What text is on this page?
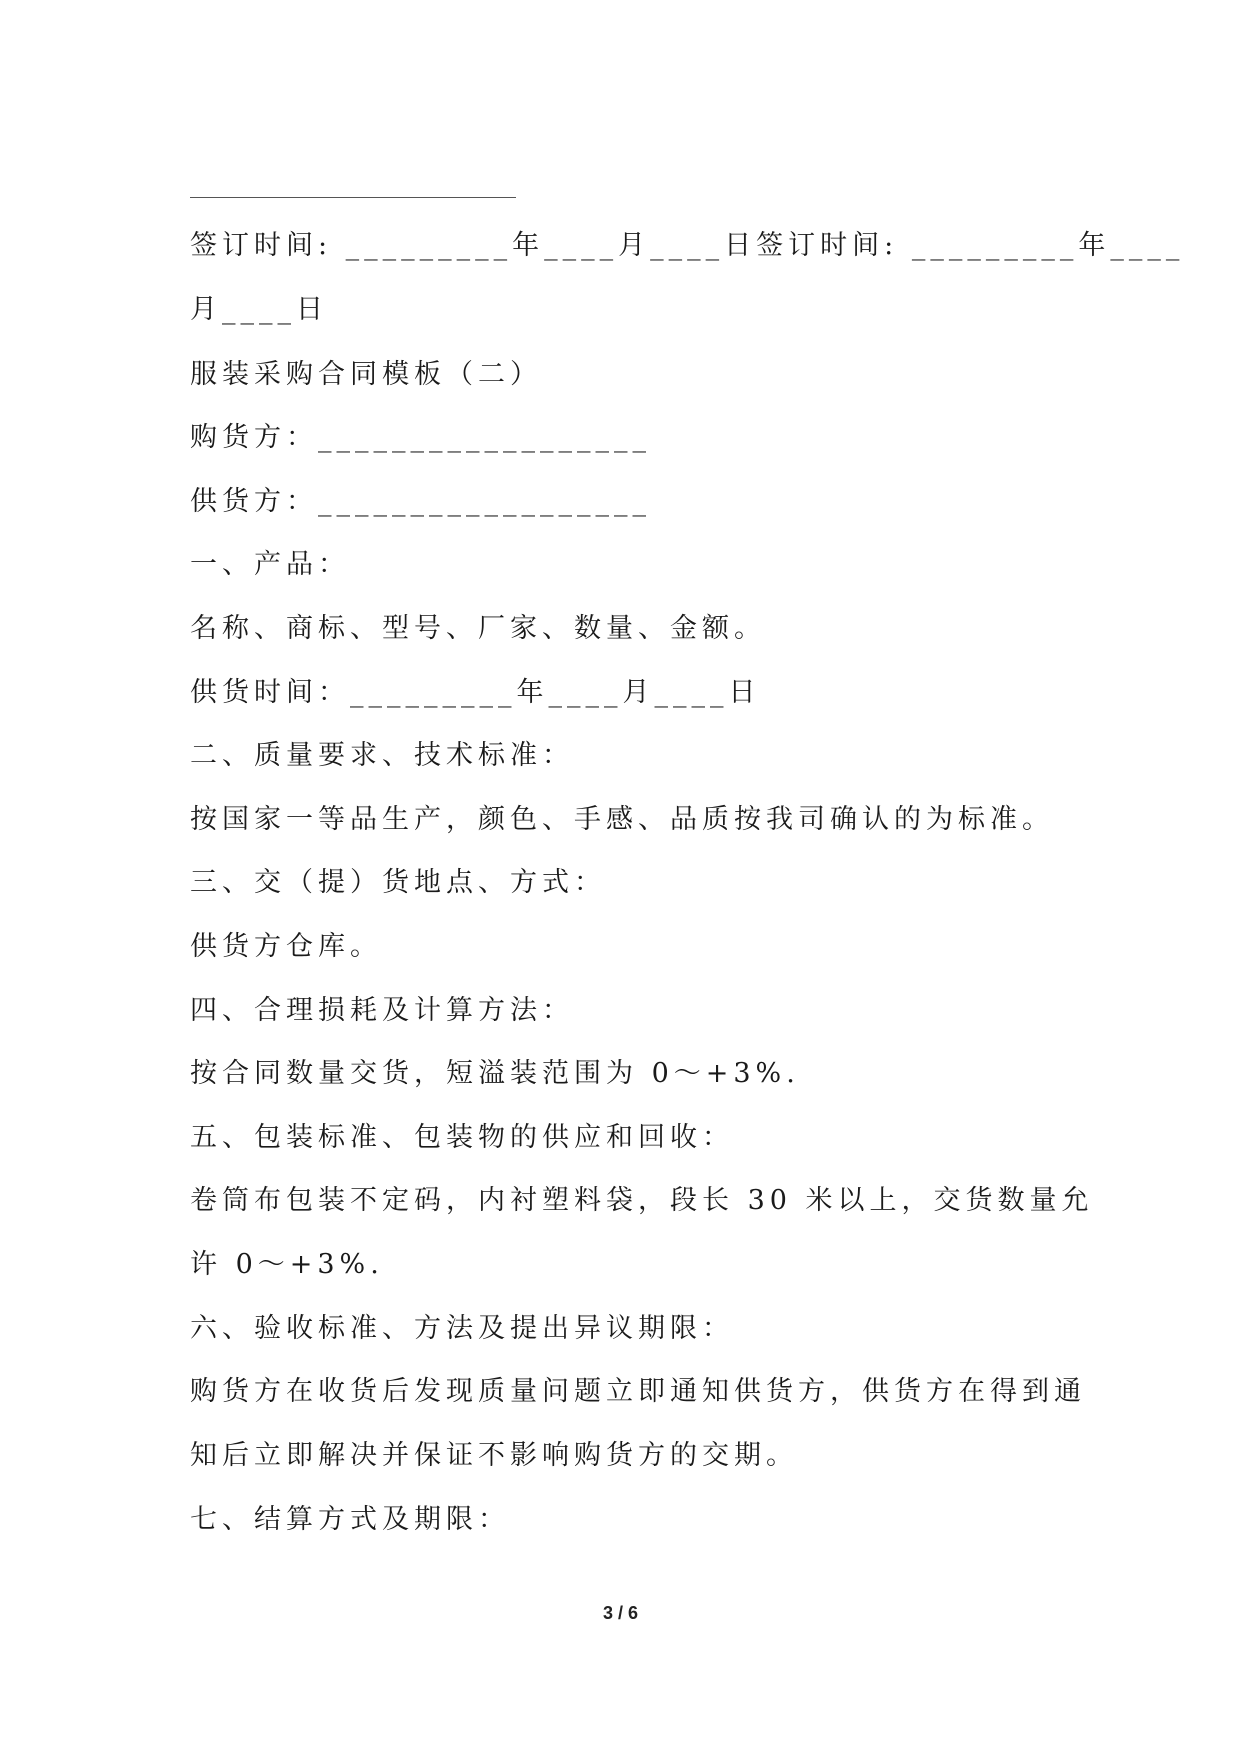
签订时间: _________年____月____日签订时间: _________年____

月____日

服装采购合同模板（二）

购货方：__________________

供货方：__________________

一、产品：

名称、商标、型号、厂家、数量、金额。

供货时间：_________年____月____日

二、质量要求、技术标准：

按国家一等品生产，颜色、手感、品质按我司确认的为标准。

三、交（提）货地点、方式：

供货方仓库。

四、合理损耗及计算方法：

按合同数量交货，短溢装范围为 0～+3%.

五、包装标准、包装物的供应和回收：

卷筒布包装不定码，内衬塑料袋，段长 30 米以上，交货数量允

许 0～+3%.

六、验收标准、方法及提出异议期限：

购货方在收货后发现质量问题立即通知供货方，供货方在得到通

知后立即解决并保证不影响购货方的交期。

七、结算方式及期限：

3 / 6
